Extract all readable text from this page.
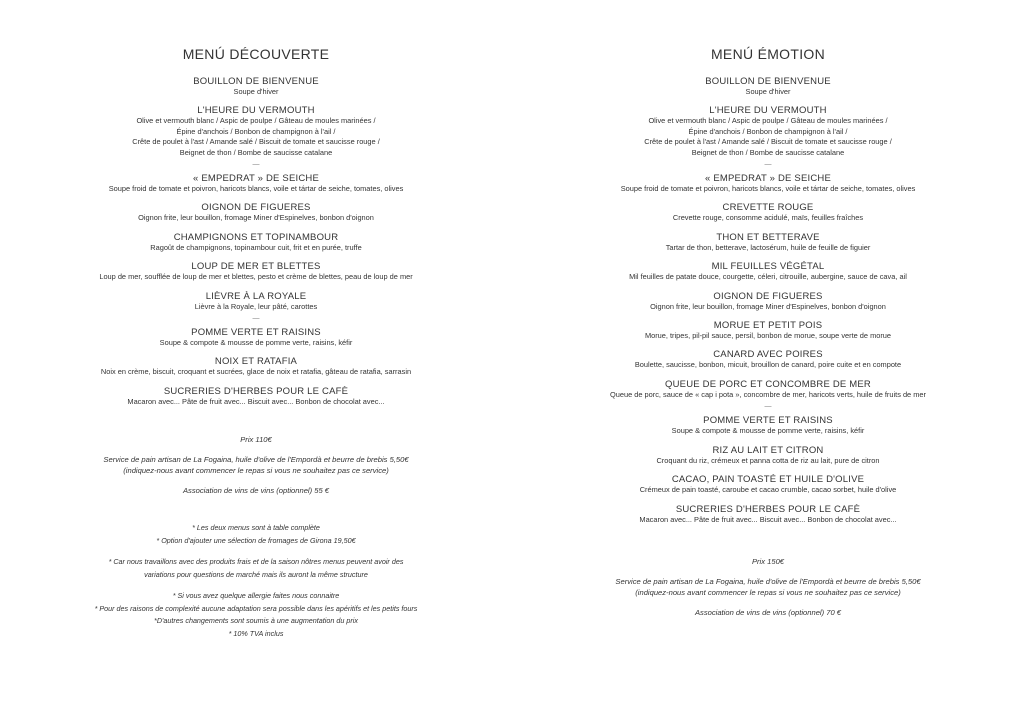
MENÚ DÉCOUVERTE
BOUILLON DE BIENVENUE
Soupe d'hiver
L'HEURE DU VERMOUTH
Olive et vermouth blanc / Aspic de poulpe / Gâteau de moules marinées /
Épine d'anchois / Bonbon de champignon à l'ail /
Crête de poulet à l'ast / Amande salé / Biscuit de tomate et saucisse rouge /
Beignet de thon / Bombe de saucisse catalane
—
« EMPEDRAT » DE SEICHE
Soupe froid de tomate et poivron, haricots blancs, voile et tártar de seiche, tomates, olives
OIGNON DE FIGUERES
Oignon frite, leur bouillon, fromage Miner d'Espinelves, bonbon d'oignon
CHAMPIGNONS ET TOPINAMBOUR
Ragoût de champignons, topinambour cuit, frit et en purée, truffe
LOUP DE MER ET BLETTES
Loup de mer, soufflée de loup de mer et blettes, pesto et crème de blettes, peau de loup de mer
LIÈVRE À LA ROYALE
Lièvre à la Royale, leur pâté, carottes
—
POMME VERTE ET RAISINS
Soupe & compote & mousse de pomme verte, raisins, kéfir
NOIX ET RATAFIA
Noix en crème, biscuit, croquant et sucrées, glace de noix et ratafia, gâteau de ratafia, sarrasin
SUCRERIES D'HERBES POUR LE CAFÈ
Macaron avec... Pâte de fruit avec... Biscuit avec... Bonbon de chocolat avec...
MENÚ ÉMOTION
BOUILLON DE BIENVENUE
Soupe d'hiver
L'HEURE DU VERMOUTH
Olive et vermouth blanc / Aspic de poulpe / Gâteau de moules marinées /
Épine d'anchois / Bonbon de champignon à l'ail /
Crête de poulet à l'ast / Amande salé / Biscuit de tomate et saucisse rouge /
Beignet de thon / Bombe de saucisse catalane
—
« EMPEDRAT » DE SEICHE
Soupe froid de tomate et poivron, haricots blancs, voile et tártar de seiche, tomates, olives
CREVETTE ROUGE
Crevette rouge, consomme acidulé, maïs, feuilles fraîches
THON ET BETTERAVE
Tartar de thon, betterave, lactosérum, huile de feuille de figuier
MIL FEUILLES VÉGÉTAL
Mil feuilles de patate douce, courgette, céleri, citrouille, aubergine, sauce de cava, ail
OIGNON DE FIGUERES
Oignon frite, leur bouillon, fromage Miner d'Espinelves, bonbon d'oignon
MORUE ET PETIT POIS
Morue, tripes, pil-pil sauce, persil, bonbon de morue, soupe verte de morue
CANARD AVEC POIRES
Boulette, saucisse, bonbon, micuit, brouillon de canard, poire cuite et en compote
QUEUE DE PORC ET CONCOMBRE DE MER
Queue de porc, sauce de « cap i pota », concombre de mer, haricots verts, huile de fruits de mer
—
POMME VERTE ET RAISINS
Soupe & compote & mousse de pomme verte, raisins, kéfir
RIZ AU LAIT ET CITRON
Croquant du riz, crémeux et panna cotta de riz au lait, pure de citron
CACAO, PAIN TOASTÉ ET HUILE D'OLIVE
Crémeux de pain toasté, caroube et cacao crumble, cacao sorbet, huile d'olive
SUCRERIES D'HERBES POUR LE CAFÈ
Macaron avec... Pâte de fruit avec... Biscuit avec... Bonbon de chocolat avec...
Prix 110€
Service de pain artisan de La Fogaina, huile d'olive de l'Empordà et beurre de brebis 5,50€
(indiquez-nous avant commencer le repas si vous ne souhaitez pas ce service)
Association de vins de vins (optionnel) 55 €
* Les deux menus sont à table complète
* Option d'ajouter une sélection de fromages de Girona 19,50€
* Car nous travaillons avec des produits frais et de la saison nôtres menus peuvent avoir des
variations pour questions de marché mais ils auront la même structure
* Si vous avez quelque allergie faites nous connaitre
* Pour des raisons de complexité aucune adaptation sera possible dans les apéritifs et les petits fours
*D'autres changements sont soumis à une augmentation du prix
* 10% TVA inclus
Prix 150€
Service de pain artisan de La Fogaina, huile d'olive de l'Empordà et beurre de brebis 5,50€
(indiquez-nous avant commencer le repas si vous ne souhaitez pas ce service)
Association de vins de vins (optionnel) 70 €
